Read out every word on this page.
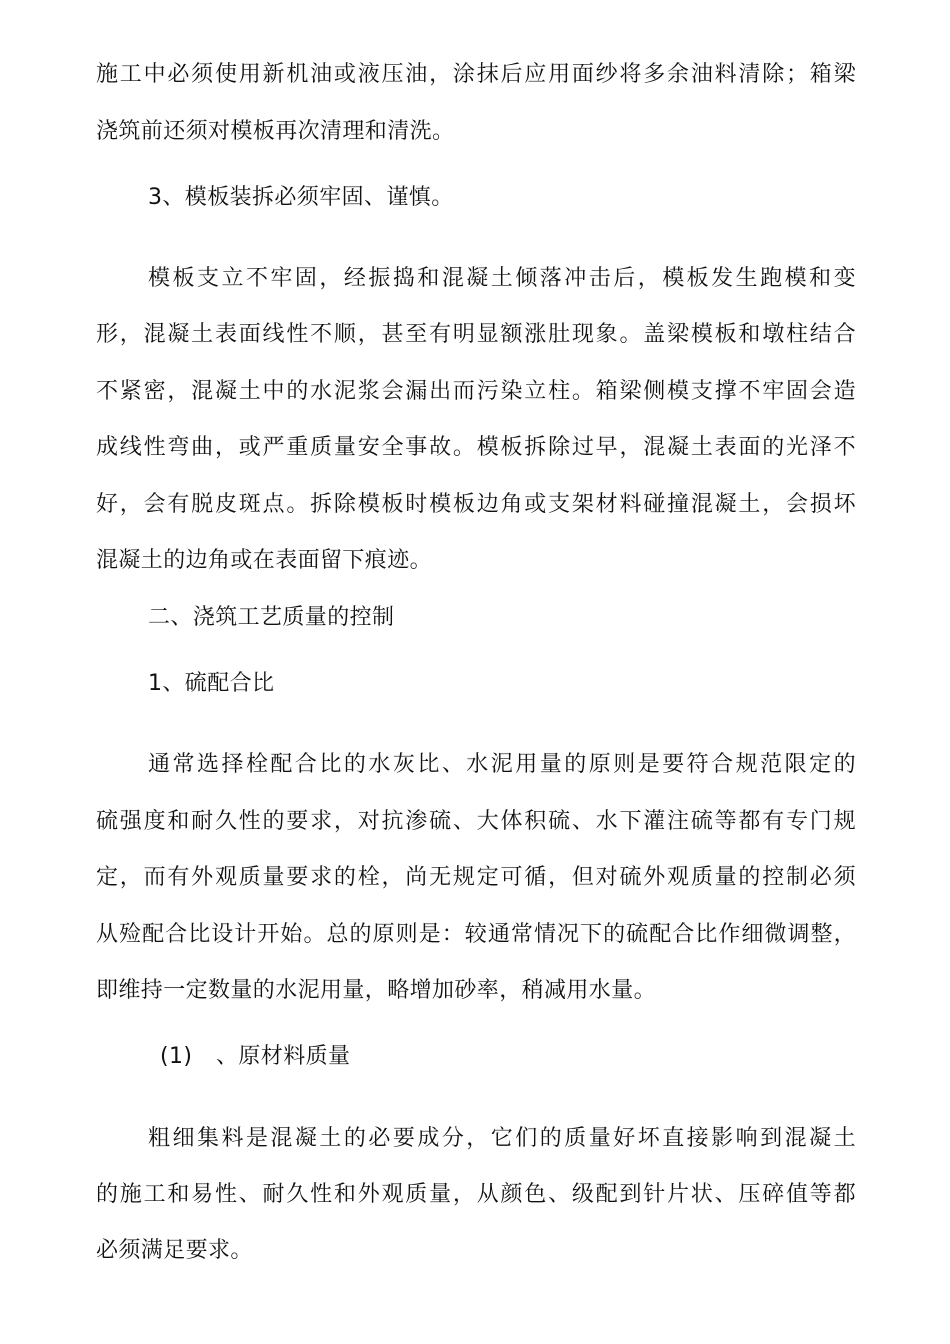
施工中必须使用新机油或液压油，涂抹后应用面纱将多余油料清除；箱梁
浇筑前还须对模板再次清理和清洗。
3、模板装拆必须牢固、谨慎。
模板支立不牢固，经振捣和混凝土倾落冲击后，模板发生跑模和变
形，混凝土表面线性不顺，甚至有明显额涨肚现象。盖梁模板和墩柱结合
不紧密，混凝土中的水泥浆会漏出而污染立柱。箱梁侧模支撑不牢固会造
成线性弯曲，或严重质量安全事故。模板拆除过早，混凝土表面的光泽不
好，会有脱皮斑点。拆除模板时模板边角或支架材料碰撞混凝土，会损坏
混凝土的边角或在表面留下痕迹。
二、浇筑工艺质量的控制
1、硫配合比
通常选择栓配合比的水灰比、水泥用量的原则是要符合规范限定的
硫强度和耐久性的要求，对抗渗硫、大体积硫、水下灌注硫等都有专门规
定，而有外观质量要求的栓，尚无规定可循，但对硫外观质量的控制必须
从殓配合比设计开始。总的原则是：较通常情况下的硫配合比作细微调整，
即维持一定数量的水泥用量，略增加砂率，稍减用水量。
(1) 、原材料质量
粗细集料是混凝土的必要成分，它们的质量好坏直接影响到混凝土
的施工和易性、耐久性和外观质量，从颜色、级配到针片状、压碎值等都
必须满足要求。
